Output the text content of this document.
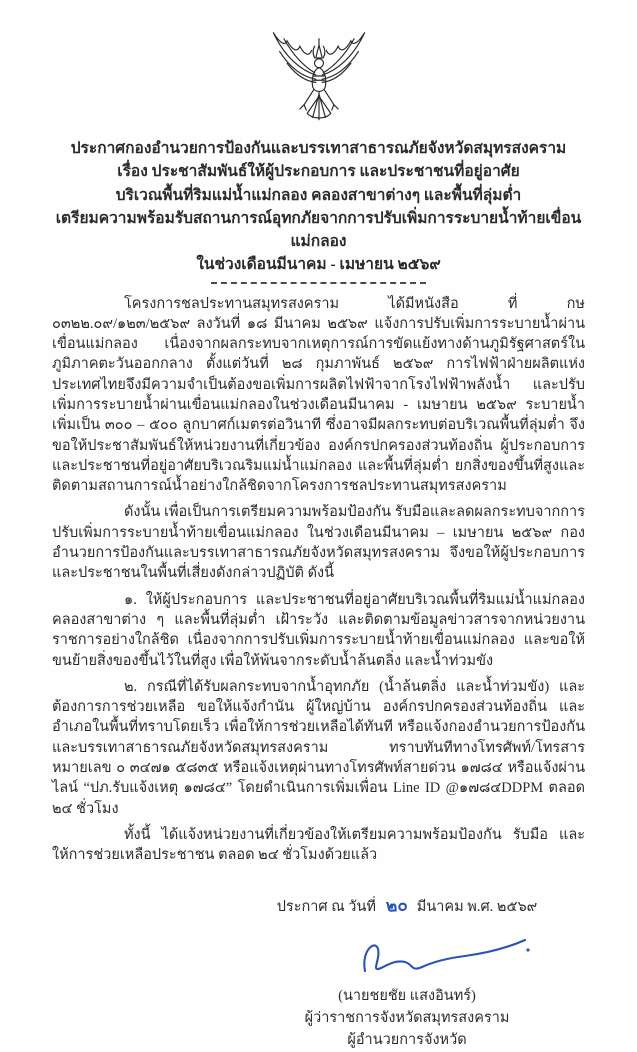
ประกาศกองอำนวยการป้องกันและบรรเทาสาธารณภัยจังหวัดสมุทรสงคราม
เรื่อง ประชาสัมพันธ์ให้ผู้ประกอบการ และประชาชนที่อยู่อาศัย
บริเวณพื้นที่ริมแม่น้ำแม่กลอง คลองสาขาต่างๆ และพื้นที่ลุ่มต่ำ
เตรียมความพร้อมรับสถานการณ์อุทกภัยจากการปรับเพิ่มการระบายน้ำท้ายเขื่อนแม่กลอง
ในช่วงเดือนมีนาคม - เมษายน ๒๕๖๙

โครงการชลประทานสมุทรสงคราม ได้มีหนังสือ ที่ กษ ๐๓๒๒.๐๙/๑๒๓/๒๕๖๙ ลงวันที่ ๑๘ มีนาคม ๒๕๖๙ แจ้งการปรับเพิ่มการระบายน้ำผ่านเขื่อนแม่กลอง เนื่องจากผลกระทบจากเหตุการณ์การขัดแย้งทางด้านภูมิรัฐศาสตร์ในภูมิภาคตะวันออกกลาง ตั้งแต่วันที่ ๒๘ กุมภาพันธ์ ๒๕๖๙ การไฟฟ้าฝ่ายผลิตแห่งประเทศไทยจึงมีความจำเป็นต้องขอเพิ่มการผลิตไฟฟ้าจากโรงไฟฟ้าพลังน้ำ และปรับเพิ่มการระบายน้ำผ่านเขื่อนแม่กลองในช่วงเดือนมีนาคม - เมษายน ๒๕๖๙ ระบายน้ำเพิ่มเป็น ๓๐๐ – ๕๐๐ ลูกบาศก์เมตรต่อวินาที ซึ่งอาจมีผลกระทบต่อบริเวณพื้นที่ลุ่มต่ำ จึงขอให้ประชาสัมพันธ์ให้หน่วยงานที่เกี่ยวข้อง องค์กรปกครองส่วนท้องถิ่น ผู้ประกอบการและประชาชนที่อยู่อาศัยบริเวณริมแม่น้ำแม่กลอง และพื้นที่ลุ่มต่ำ ยกสิ่งของขึ้นที่สูงและติดตามสถานการณ์น้ำอย่างใกล้ชิดจากโครงการชลประทานสมุทรสงคราม

ดังนั้น เพื่อเป็นการเตรียมความพร้อมป้องกัน รับมือและลดผลกระทบจากการปรับเพิ่มการระบายน้ำท้ายเขื่อนแม่กลอง ในช่วงเดือนมีนาคม – เมษายน ๒๕๖๙ กองอำนวยการป้องกันและบรรเทาสาธารณภัยจังหวัดสมุทรสงคราม จึงขอให้ผู้ประกอบการ และประชาชนในพื้นที่เสี่ยงดังกล่าวปฏิบัติ ดังนี้

๑. ให้ผู้ประกอบการ และประชาชนที่อยู่อาศัยบริเวณพื้นที่ริมแม่น้ำแม่กลอง คลองสาขาต่าง ๆ และพื้นที่ลุ่มต่ำ เฝ้าระวัง และติดตามข้อมูลข่าวสารจากหน่วยงานราชการอย่างใกล้ชิด เนื่องจากการปรับเพิ่มการระบายน้ำท้ายเขื่อนแม่กลอง และขอให้ขนย้ายสิ่งของขึ้นไว้ในที่สูง เพื่อให้พ้นจากระดับน้ำล้นตลิ่ง และน้ำท่วมขัง

๒. กรณีที่ได้รับผลกระทบจากน้ำอุทกภัย (น้ำล้นตลิ่ง และน้ำท่วมขัง) และต้องการการช่วยเหลือ ขอให้แจ้งกำนัน ผู้ใหญ่บ้าน องค์กรปกครองส่วนท้องถิ่น และอำเภอในพื้นที่ทราบโดยเร็ว เพื่อให้การช่วยเหลือได้ทันที หรือแจ้งกองอำนวยการป้องกันและบรรเทาสาธารณภัยจังหวัดสมุทรสงคราม ทราบทันทีทางโทรศัพท์/โทรสาร หมายเลข ๐ ๓๔๗๑ ๕๘๓๕ หรือแจ้งเหตุผ่านทางโทรศัพท์สายด่วน ๑๗๘๔ หรือแจ้งผ่านไลน์ “ปภ.รับแจ้งเหตุ ๑๗๘๔” โดยดำเนินการเพิ่มเพื่อน Line ID @๑๗๘๔DDPM ตลอด ๒๔ ชั่วโมง

ทั้งนี้ ได้แจ้งหน่วยงานที่เกี่ยวข้องให้เตรียมความพร้อมป้องกัน รับมือ และให้การช่วยเหลือประชาชน ตลอด ๒๔ ชั่วโมงด้วยแล้ว

ประกาศ ณ วันที่ ๒๐ มีนาคม พ.ศ. ๒๕๖๙
(นายชยชัย แสงอินทร์)
ผู้ว่าราชการจังหวัดสมุทรสงคราม
ผู้อำนวยการจังหวัด
